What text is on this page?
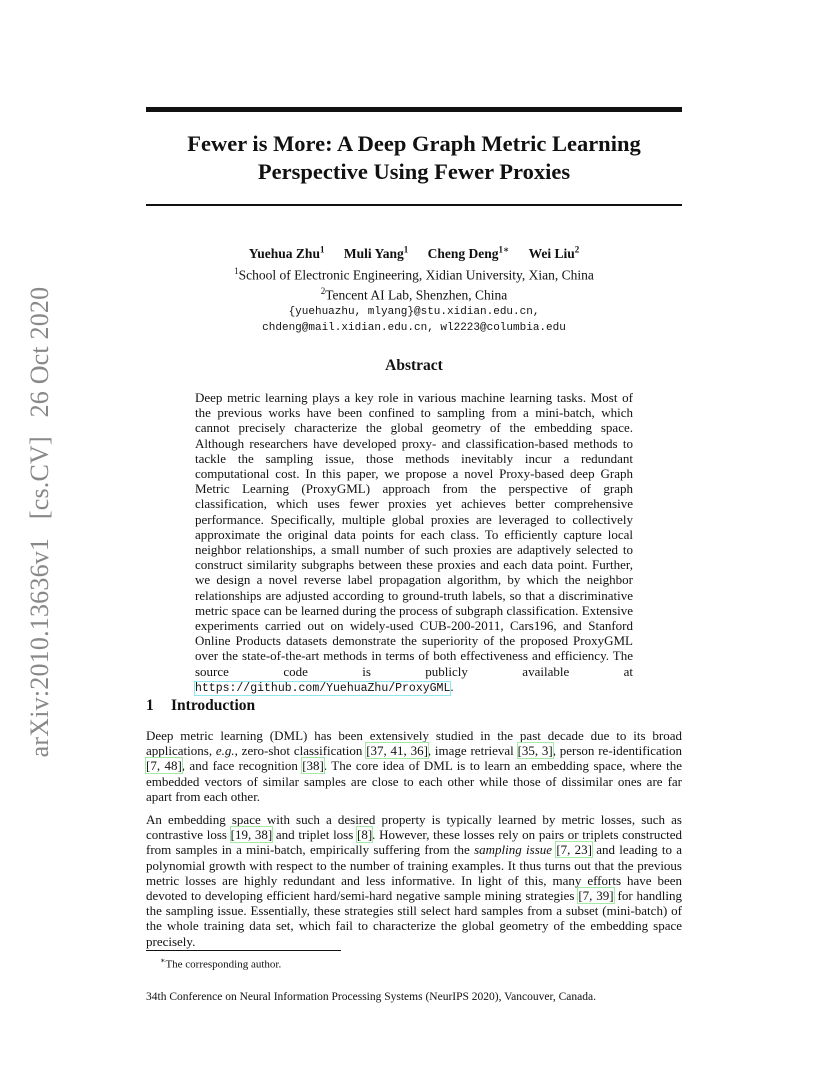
arXiv:2010.13636v1 [cs.CV] 26 Oct 2020
Fewer is More: A Deep Graph Metric Learning
Perspective Using Fewer Proxies
Yuehua Zhu$^1$ Muli Yang$^1$ Cheng Deng$^{1∗}$ Wei Liu$^2$
$^1$School of Electronic Engineering, Xidian University, Xian, China
$^2$Tencent AI Lab, Shenzhen, China
{yuehuazhu, mlyang}@stu.xidian.edu.cn,
chdeng@mail.xidian.edu.cn, wl2223@columbia.edu
Abstract

Deep metric learning plays a key role in various machine learning tasks. Most of the previous works have been confined to sampling from a mini-batch, which cannot precisely characterize the global geometry of the embedding space. Although researchers have developed proxy- and classification-based methods to tackle the sampling issue, those methods inevitably incur a redundant computational cost. In this paper, we propose a novel Proxy-based deep Graph Metric Learning (ProxyGML) approach from the perspective of graph classification, which uses fewer proxies yet achieves better comprehensive performance. Specifically, multiple global proxies are leveraged to collectively approximate the original data points for each class. To efficiently capture local neighbor relationships, a small number of such proxies are adaptively selected to construct similarity subgraphs between these proxies and each data point. Further, we design a novel reverse label propagation algorithm, by which the neighbor relationships are adjusted according to ground-truth labels, so that a discriminative metric space can be learned during the process of subgraph classification. Extensive experiments carried out on widely-used CUB-200-2011, Cars196, and Stanford Online Products datasets demonstrate the superiority of the proposed ProxyGML over the state-of-the-art methods in terms of both effectiveness and efficiency. The source code is publicly available at https://github.com/YuehuaZhu/ProxyGML.

1 Introduction

Deep metric learning (DML) has been extensively studied in the past decade due to its broad applications, e.g., zero-shot classification [37, 41, 36], image retrieval [35, 3], person re-identification [7, 48], and face recognition [38]. The core idea of DML is to learn an embedding space, where the embedded vectors of similar samples are close to each other while those of dissimilar ones are far apart from each other.

An embedding space with such a desired property is typically learned by metric losses, such as contrastive loss [19, 38] and triplet loss [8]. However, these losses rely on pairs or triplets constructed from samples in a mini-batch, empirically suffering from the sampling issue [7, 23] and leading to a polynomial growth with respect to the number of training examples. It thus turns out that the previous metric losses are highly redundant and less informative. In light of this, many efforts have been devoted to developing efficient hard/semi-hard negative sample mining strategies [7, 39] for handling the sampling issue. Essentially, these strategies still select hard samples from a subset (mini-batch) of the whole training data set, which fail to characterize the global geometry of the embedding space precisely.

∗The corresponding author.

34th Conference on Neural Information Processing Systems (NeurIPS 2020), Vancouver, Canada.
